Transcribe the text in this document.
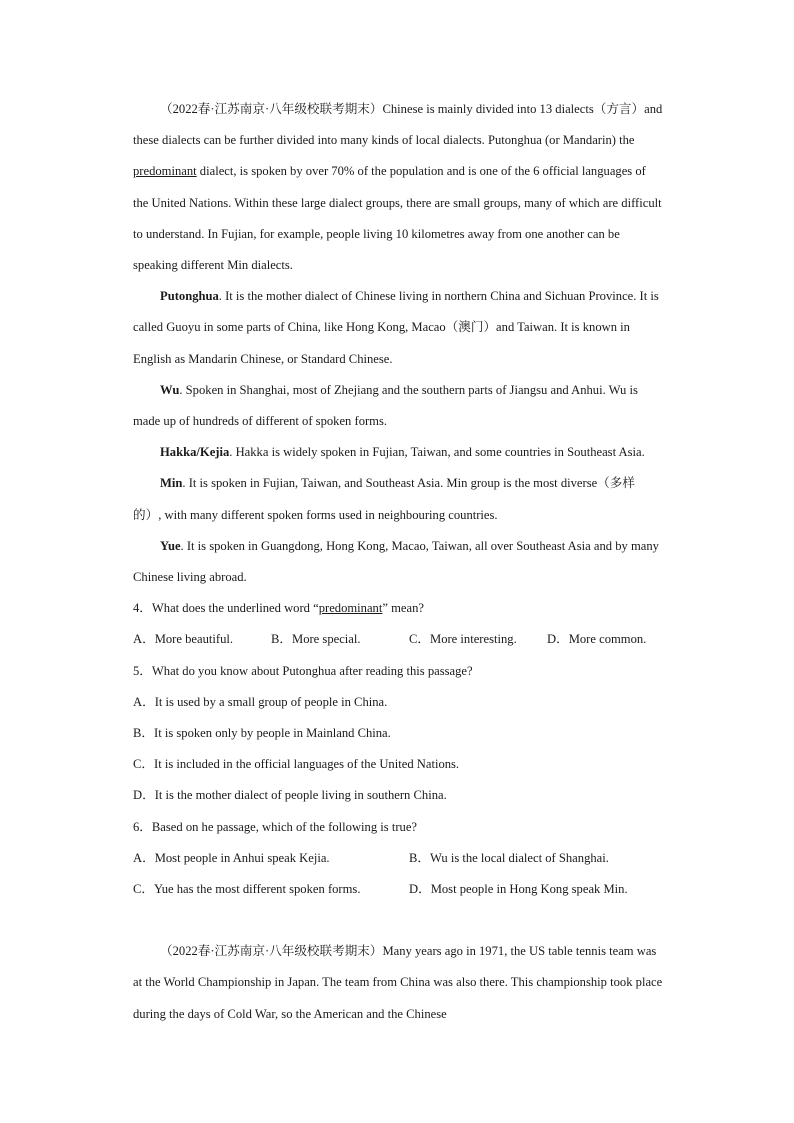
（2022春·江苏南京·八年级校联考期末）Chinese is mainly divided into 13 dialects（方言）and these dialects can be further divided into many kinds of local dialects. Putonghua (or Mandarin) the predominant dialect, is spoken by over 70% of the population and is one of the 6 official languages of the United Nations. Within these large dialect groups, there are small groups, many of which are difficult to understand. In Fujian, for example, people living 10 kilometres away from one another can be speaking different Min dialects.

Putonghua. It is the mother dialect of Chinese living in northern China and Sichuan Province. It is called Guoyu in some parts of China, like Hong Kong, Macao（澳门）and Taiwan. It is known in English as Mandarin Chinese, or Standard Chinese.

Wu. Spoken in Shanghai, most of Zhejiang and the southern parts of Jiangsu and Anhui. Wu is made up of hundreds of different of spoken forms.

Hakka/Kejia. Hakka is widely spoken in Fujian, Taiwan, and some countries in Southeast Asia.

Min. It is spoken in Fujian, Taiwan, and Southeast Asia. Min group is the most diverse（多样的）, with many different spoken forms used in neighbouring countries.

Yue. It is spoken in Guangdong, Hong Kong, Macao, Taiwan, all over Southeast Asia and by many Chinese living abroad.

4．What does the underlined word “predominant” mean?

A．More beautiful.	B．More special.	C．More interesting.	D．More common.

5．What do you know about Putonghua after reading this passage?

A．It is used by a small group of people in China.

B．It is spoken only by people in Mainland China.

C．It is included in the official languages of the United Nations.

D．It is the mother dialect of people living in southern China.

6．Based on he passage, which of the following is true?

A．Most people in Anhui speak Kejia.	B．Wu is the local dialect of Shanghai.
C．Yue has the most different spoken forms.	D．Most people in Hong Kong speak Min.

（2022春·江苏南京·八年级校联考期末）Many years ago in 1971, the US table tennis team was at the World Championship in Japan. The team from China was also there. This championship took place during the days of Cold War, so the American and the Chinese
